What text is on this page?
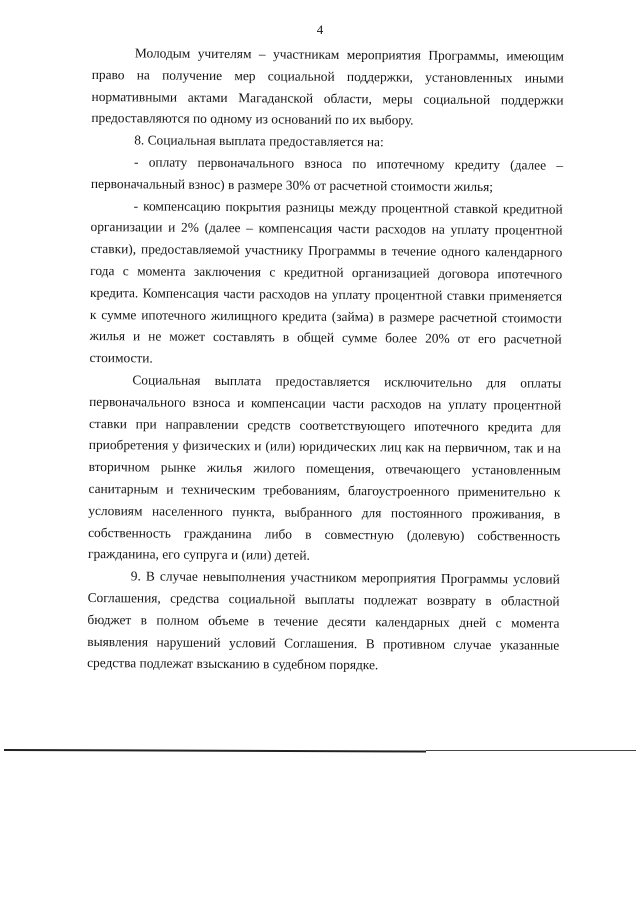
4

Молодым учителям – участникам мероприятия Программы, имеющим право на получение мер социальной поддержки, установленных иными нормативными актами Магаданской области, меры социальной поддержки предоставляются по одному из оснований по их выбору.

8. Социальная выплата предоставляется на:

- оплату первоначального взноса по ипотечному кредиту (далее – первоначальный взнос) в размере 30% от расчетной стоимости жилья;

- компенсацию покрытия разницы между процентной ставкой кредитной организации и 2% (далее – компенсация части расходов на уплату процентной ставки), предоставляемой участнику Программы в течение одного календарного года с момента заключения с кредитной организацией договора ипотечного кредита. Компенсация части расходов на уплату процентной ставки применяется к сумме ипотечного жилищного кредита (займа) в размере расчетной стоимости жилья и не может составлять в общей сумме более 20% от его расчетной стоимости.

Социальная выплата предоставляется исключительно для оплаты первоначального взноса и компенсации части расходов на уплату процентной ставки при направлении средств соответствующего ипотечного кредита для приобретения у физических и (или) юридических лиц как на первичном, так и на вторичном рынке жилья жилого помещения, отвечающего установленным санитарным и техническим требованиям, благоустроенного применительно к условиям населенного пункта, выбранного для постоянного проживания, в собственность гражданина либо в совместную (долевую) собственность гражданина, его супруга и (или) детей.

9. В случае невыполнения участником мероприятия Программы условий Соглашения, средства социальной выплаты подлежат возврату в областной бюджет в полном объеме в течение десяти календарных дней с момента выявления нарушений условий Соглашения. В противном случае указанные средства подлежат взысканию в судебном порядке.
